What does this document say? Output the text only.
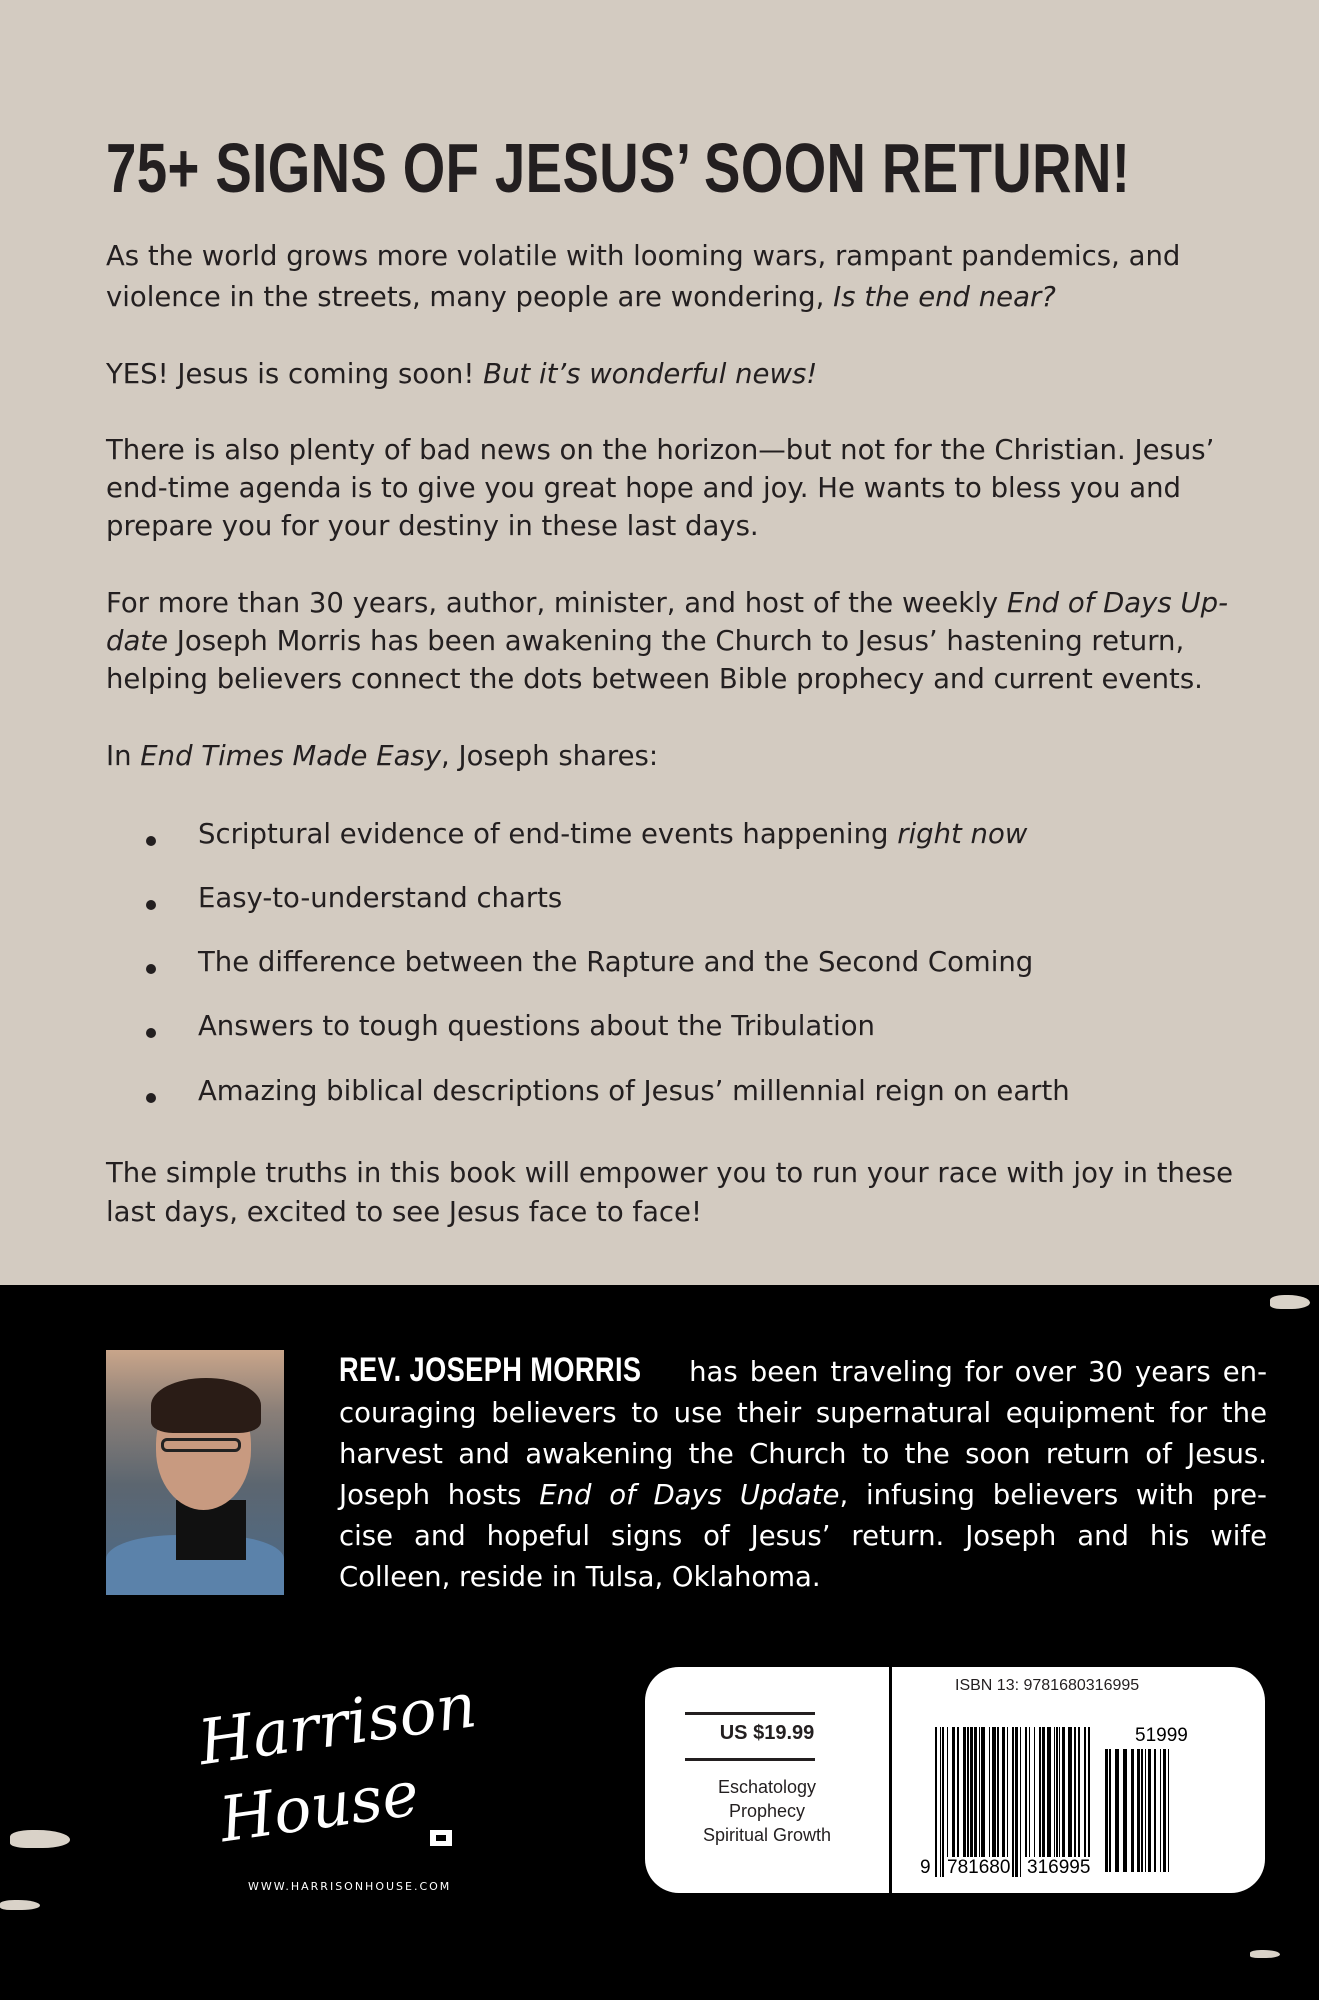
75+ SIGNS OF JESUS’ SOON RETURN!
As the world grows more volatile with looming wars, rampant pandemics, and
violence in the streets, many people are wondering, Is the end near?
YES! Jesus is coming soon! But it’s wonderful news!
There is also plenty of bad news on the horizon—but not for the Christian. Jesus’
end-time agenda is to give you great hope and joy. He wants to bless you and
prepare you for your destiny in these last days.
For more than 30 years, author, minister, and host of the weekly End of Days Up-
date Joseph Morris has been awakening the Church to Jesus’ hastening return,
helping believers connect the dots between Bible prophecy and current events.
In End Times Made Easy, Joseph shares:
The simple truths in this book will empower you to run your race with joy in these
last days, excited to see Jesus face to face!
Scriptural evidence of end-time events happening right now
Easy-to-understand charts
The difference between the Rapture and the Second Coming
Answers to tough questions about the Tribulation
Amazing biblical descriptions of Jesus’ millennial reign on earth
REV. JOSEPH MORRIS has been traveling for over 30 years en-
couraging believers to use their supernatural equipment for the
harvest and awakening the Church to the soon return of Jesus.
Joseph hosts End of Days Update, infusing believers with pre-
cise and hopeful signs of Jesus’ return. Joseph and his wife
Colleen, reside in Tulsa, Oklahoma.
Harrison
House
WWW.HARRISONHOUSE.COM
US $19.99
Eschatology
Prophecy
Spiritual Growth
ISBN 13: 9781680316995
9 781680 316995
51999
